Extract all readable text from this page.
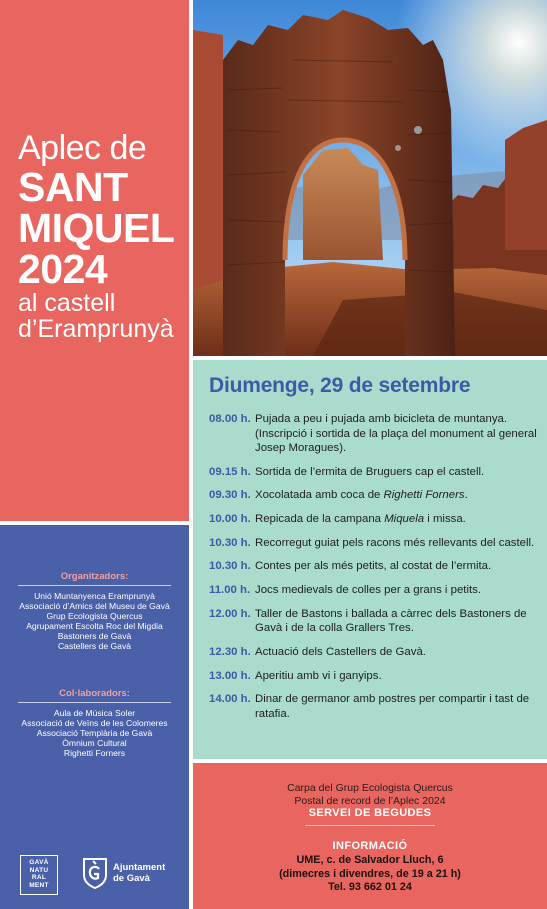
Aplec de
SANT
MIQUEL
2024
al castell
d’Eramprunyà
Diumenge, 29 de setembre
08.00 h. Pujada a peu i pujada amb bicicleta de muntanya. (Inscripció i sortida de la plaça del monument al general Josep Moragues).
09.15 h. Sortida de l’ermita de Bruguers cap el castell.
09.30 h. Xocolatada amb coca de Righetti Forners.
10.00 h. Repicada de la campana Miquela i missa.
10.30 h. Recorregut guiat pels racons més rellevants del castell.
10.30 h. Contes per als més petits, al costat de l’ermita.
11.00 h. Jocs medievals de colles per a grans i petits.
12.00 h. Taller de Bastons i ballada a càrrec dels Bastoners de Gavà i de la colla Grallers Tres.
12.30 h. Actuació dels Castellers de Gavà.
13.00 h. Aperitiu amb vi i ganyips.
14.00 h. Dinar de germanor amb postres per compartir i tast de ratafia.
Organitzadors:
Unió Muntanyenca Eramprunyà
Associació d’Amics del Museu de Gavà
Grup Ecologista Quercus
Agrupament Escolta Roc del Migdia
Bastoners de Gavà
Castellers de Gavà
Col·laboradors:
Aula de Música Soler
Associació de Veïns de les Colomeres
Associació Templària de Gavà
Òmnium Cultural
Righetti Forners
GAVÀ
NATU
RAL
MENT
Ajuntament
de Gavà
Carpa del Grup Ecologista Quercus
Postal de record de l’Aplec 2024
SERVEI DE BEGUDES
INFORMACIÓ
UME, c. de Salvador Lluch, 6
(dimecres i divendres, de 19 a 21 h)
Tel. 93 662 01 24
